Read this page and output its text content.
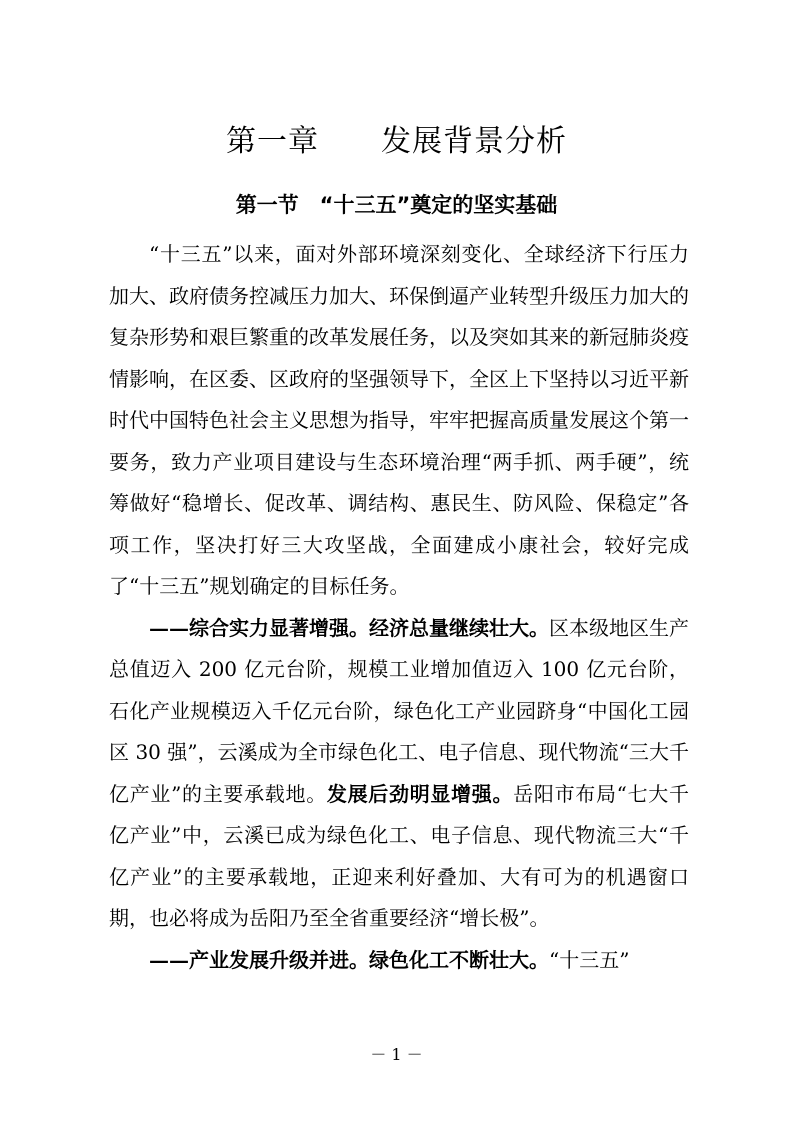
第一章　　发展背景分析
第一节　“十三五”奠定的坚实基础

“十三五”以来，面对外部环境深刻变化、全球经济下行压力加大、政府债务控减压力加大、环保倒逼产业转型升级压力加大的复杂形势和艰巨繁重的改革发展任务，以及突如其来的新冠肺炎疫情影响，在区委、区政府的坚强领导下，全区上下坚持以习近平新时代中国特色社会主义思想为指导，牢牢把握高质量发展这个第一要务，致力产业项目建设与生态环境治理“两手抓、两手硬”，统筹做好“稳增长、促改革、调结构、惠民生、防风险、保稳定”各项工作，坚决打好三大攻坚战，全面建成小康社会，较好完成了“十三五”规划确定的目标任务。

——综合实力显著增强。经济总量继续壮大。区本级地区生产总值迈入 200 亿元台阶，规模工业增加值迈入 100 亿元台阶，石化产业规模迈入千亿元台阶，绿色化工产业园跻身“中国化工园区 30 强”，云溪成为全市绿色化工、电子信息、现代物流“三大千亿产业”的主要承载地。发展后劲明显增强。岳阳市布局“七大千亿产业”中，云溪已成为绿色化工、电子信息、现代物流三大“千亿产业”的主要承载地，正迎来利好叠加、大有可为的机遇窗口期，也必将成为岳阳乃至全省重要经济“增长极”。

——产业发展升级并进。绿色化工不断壮大。“十三五”

－ 1 －
